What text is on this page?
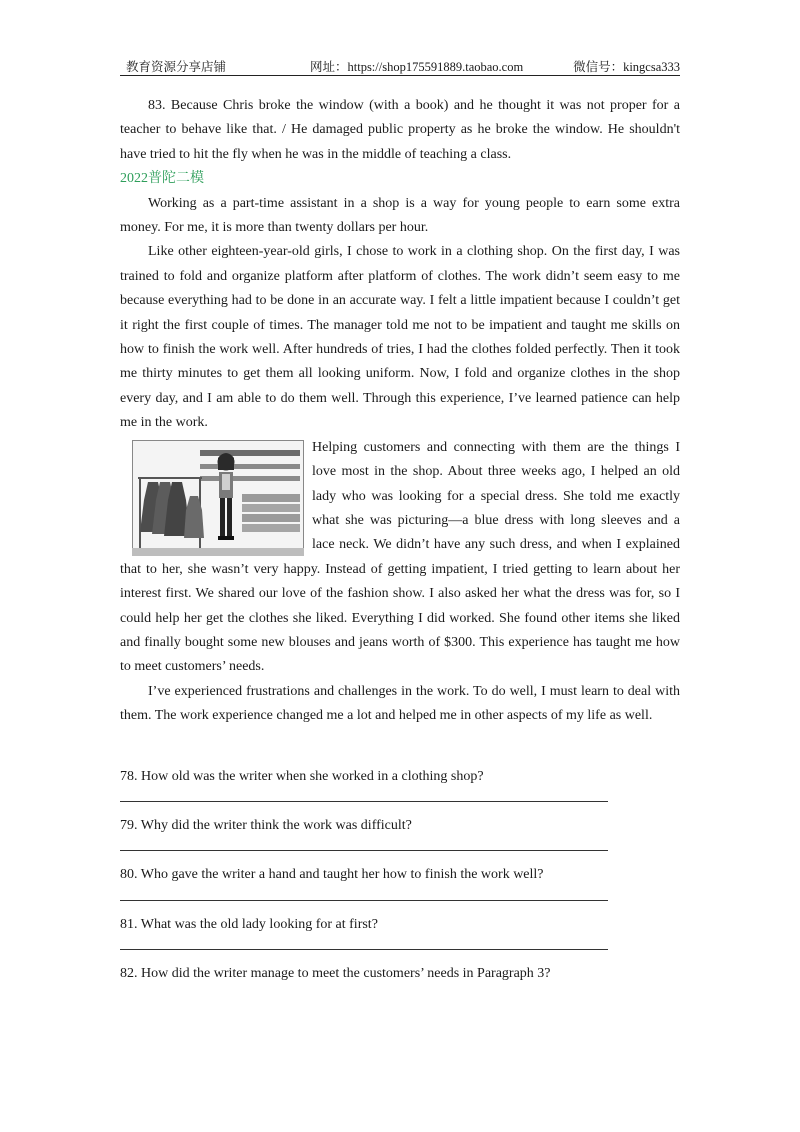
教育资源分享店铺	网址：https://shop175591889.taobao.com	微信号：kingcsa333

83. Because Chris broke the window (with a book) and he thought it was not proper for a teacher to behave like that. / He damaged public property as he broke the window. He shouldn't have tried to hit the fly when he was in the middle of teaching a class.

2022普陀二模

Working as a part-time assistant in a shop is a way for young people to earn some extra money. For me, it is more than twenty dollars per hour.

Like other eighteen-year-old girls, I chose to work in a clothing shop. On the first day, I was trained to fold and organize platform after platform of clothes. The work didn’t seem easy to me because everything had to be done in an accurate way. I felt a little impatient because I couldn’t get it right the first couple of times. The manager told me not to be impatient and taught me skills on how to finish the work well. After hundreds of tries, I had the clothes folded perfectly. Then it took me thirty minutes to get them all looking uniform. Now, I fold and organize clothes in the shop every day, and I am able to do them well. Through this experience, I’ve learned patience can help me in the work.

Helping customers and connecting with them are the things I love most in the shop. About three weeks ago, I helped an old lady who was looking for a special dress. She told me exactly what she was picturing—a blue dress with long sleeves and a lace neck. We didn’t have any such dress, and when I explained that to her, she wasn’t very happy. Instead of getting impatient, I tried getting to learn about her interest first. We shared our love of the fashion show. I also asked her what the dress was for, so I could help her get the clothes she liked. Everything I did worked. She found other items she liked and finally bought some new blouses and jeans worth of $300. This experience has taught me how to meet customers’ needs.

I’ve experienced frustrations and challenges in the work. To do well, I must learn to deal with them. The work experience changed me a lot and helped me in other aspects of my life as well.

78. How old was the writer when she worked in a clothing shop?

79. Why did the writer think the work was difficult?

80. Who gave the writer a hand and taught her how to finish the work well?

81. What was the old lady looking for at first?

82. How did the writer manage to meet the customers’ needs in Paragraph 3?
